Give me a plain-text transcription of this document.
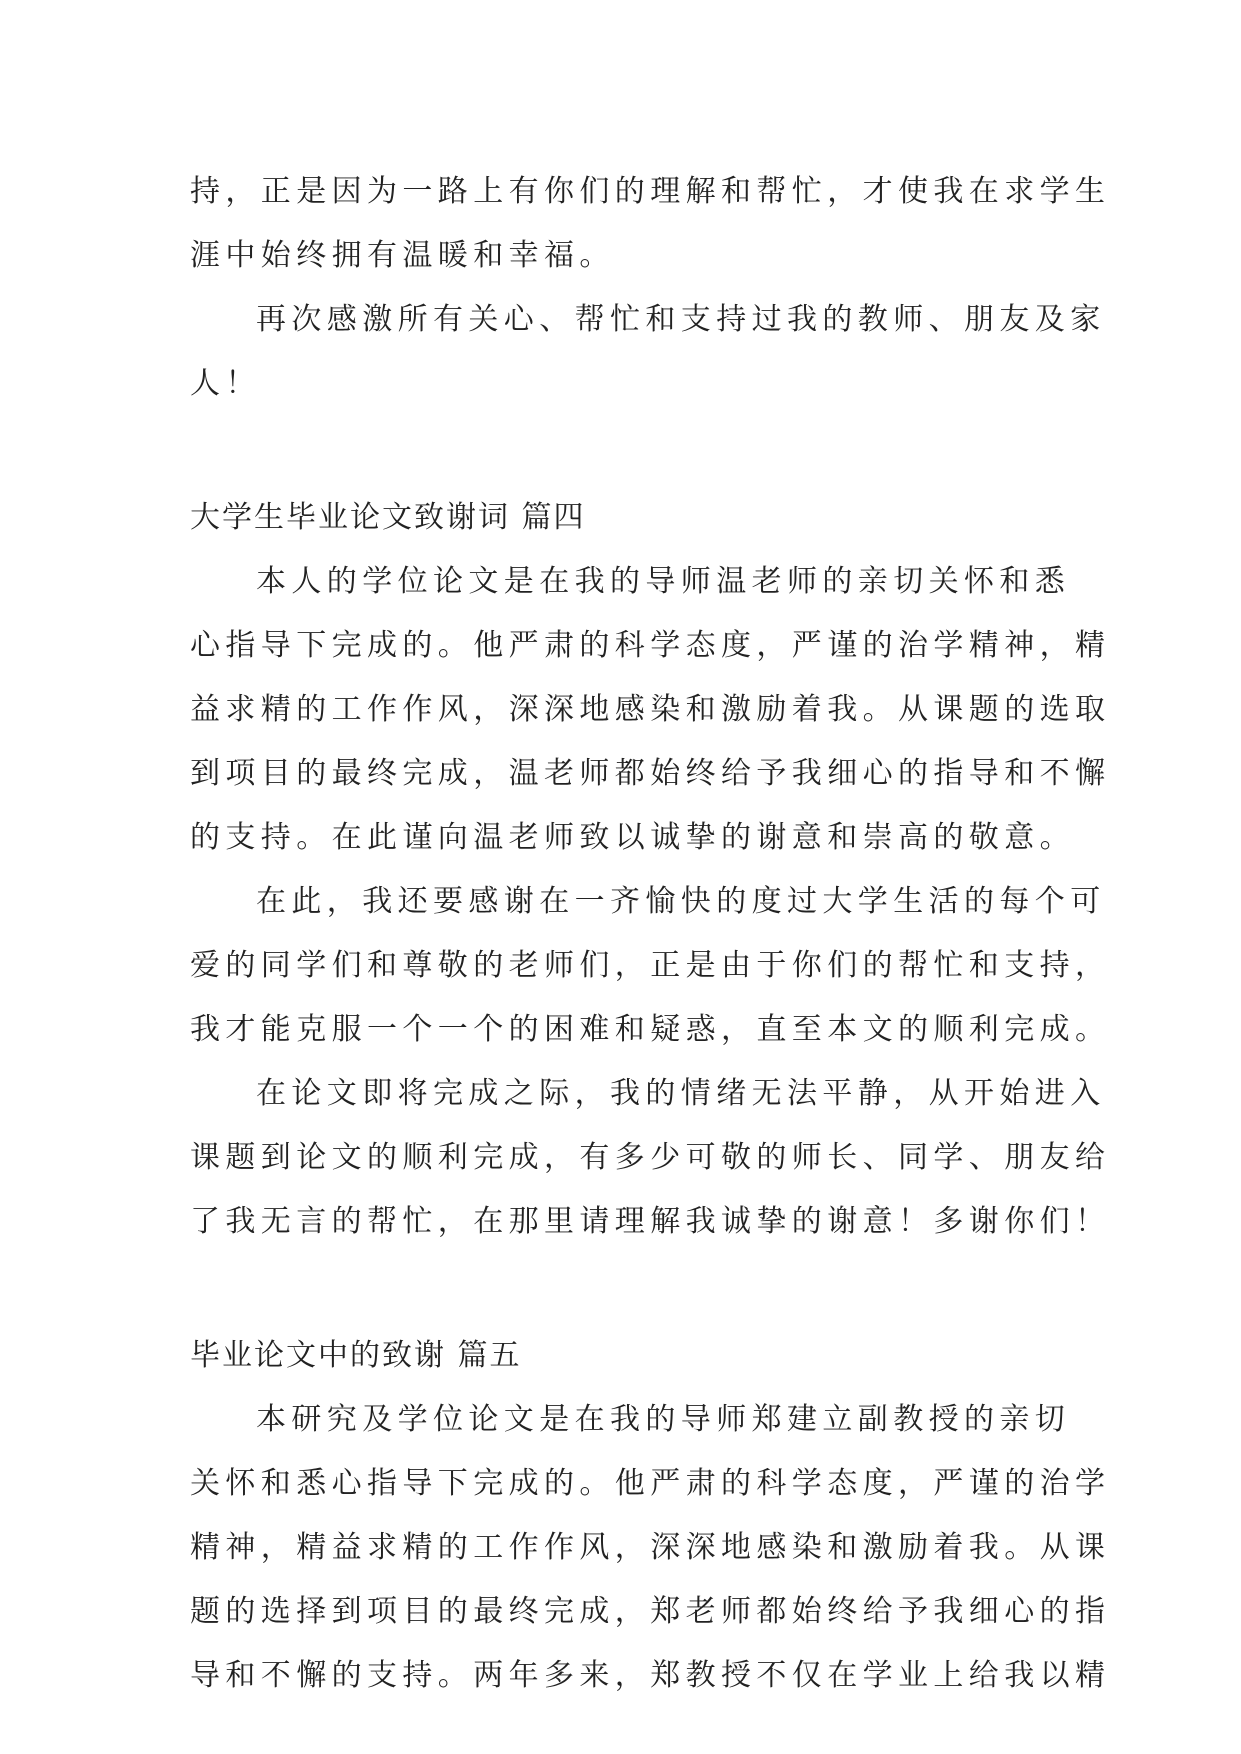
持，正是因为一路上有你们的理解和帮忙，才使我在求学生
涯中始终拥有温暖和幸福。
再次感激所有关心、帮忙和支持过我的教师、朋友及家
人！
大学生毕业论文致谢词 篇四
本人的学位论文是在我的导师温老师的亲切关怀和悉
心指导下完成的。他严肃的科学态度，严谨的治学精神，精
益求精的工作作风，深深地感染和激励着我。从课题的选取
到项目的最终完成，温老师都始终给予我细心的指导和不懈
的支持。在此谨向温老师致以诚挚的谢意和崇高的敬意。
在此，我还要感谢在一齐愉快的度过大学生活的每个可
爱的同学们和尊敬的老师们，正是由于你们的帮忙和支持，
我才能克服一个一个的困难和疑惑，直至本文的顺利完成。
在论文即将完成之际，我的情绪无法平静，从开始进入
课题到论文的顺利完成，有多少可敬的师长、同学、朋友给
了我无言的帮忙，在那里请理解我诚挚的谢意！多谢你们！
毕业论文中的致谢 篇五
本研究及学位论文是在我的导师郑建立副教授的亲切
关怀和悉心指导下完成的。他严肃的科学态度，严谨的治学
精神，精益求精的工作作风，深深地感染和激励着我。从课
题的选择到项目的最终完成，郑老师都始终给予我细心的指
导和不懈的支持。两年多来，郑教授不仅在学业上给我以精
